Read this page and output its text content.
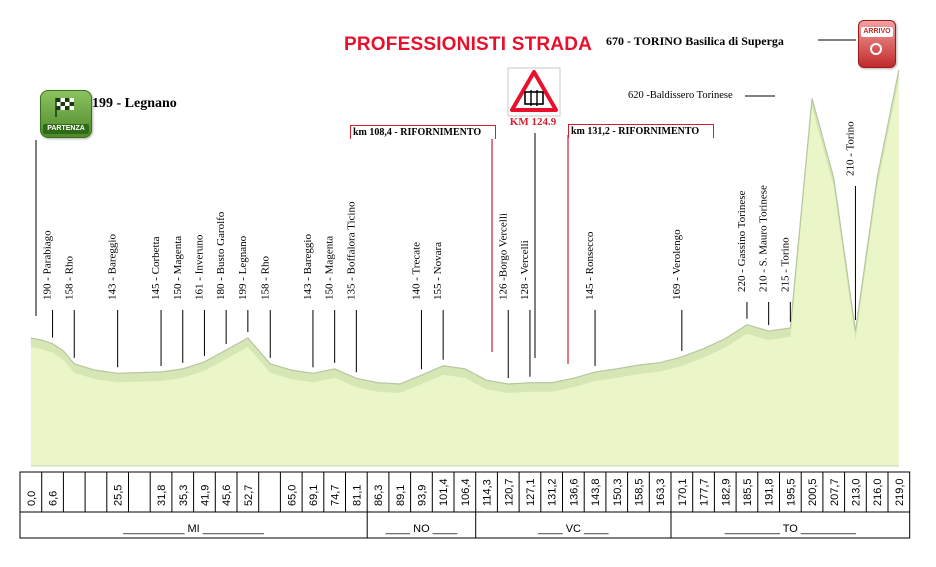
190 - Parabiago 158 - Rho	143 - Bareggio	145 - Corbetta 150 - Magenta 161 - Inveruno 180 - Busto Garolfo 199 - Legnano 158 - Rho	143 - Bareggio 150 - Magenta 135 - Boffalora Ticino	140 - Trecate 155 - Novara	126 -Borgo Vercelli 128 - Vercelli	145 - Ronsecco	169 - Verolengo	220 - Gassino Torinese 210 - S. Mauro Torinese 215 - Torino
210 - Torino
0,0 6,6	25,5	31,8 35,3 41,9 45,6 52,7	65,0 69,1 74,7 81,1 86,3 89,1 93,9 101,4 106,4 114,3 120,7 127,1 131,2 136,6 143,8 150,3 158,5 163,3 170,1 177,7 182,9 185,5 191,8 195,5 200,5 207,7 213,0 216,0 219,0
__________ MI __________	____ NO ____	____ VC ____	_________ TO _________
PROFESSIONISTI STRADA
PARTENZA
199 - Legnano
670 - TORINO Basilica di Superga
ARRIVO
km 108,4 - RIFORNIMENTO	km 131,2 - RIFORNIMENTO
KM 124.9
620 -Baldissero Torinese
